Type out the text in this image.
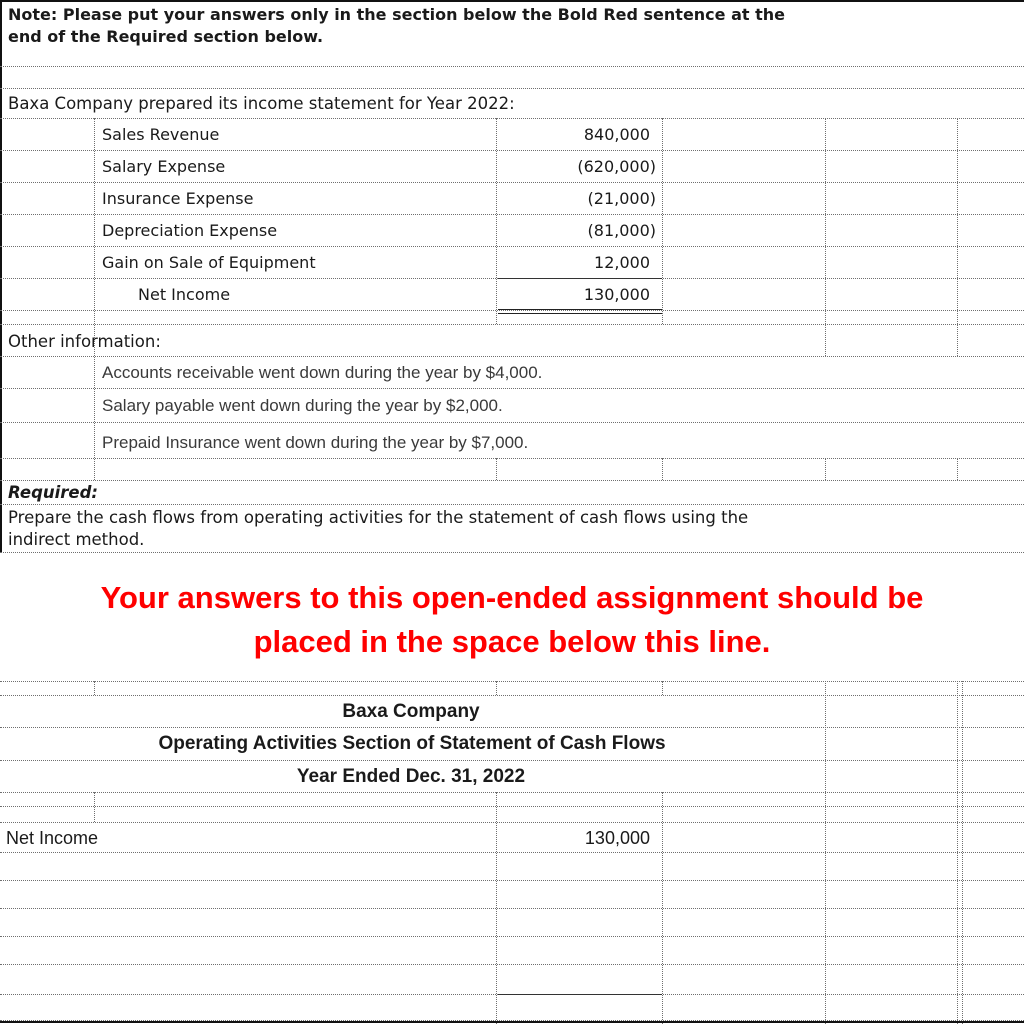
Note: Please put your answers only in the section below the Bold Red sentence at the
end of the Required section below.
Baxa Company prepared its income statement for Year 2022:
Sales Revenue	840,000
Salary Expense	(620,000)
Insurance Expense	(21,000)
Depreciation Expense	(81,000)
Gain on Sale of Equipment	12,000
Net Income	130,000
Other information:
Accounts receivable went down during the year by $4,000.
Salary payable went down during the year by $2,000.
Prepaid Insurance went down during the year by $7,000.
Required:
Prepare the cash flows from operating activities for the statement of cash flows using the
indirect method.
Your answers to this open-ended assignment should be
placed in the space below this line.
Baxa Company
Operating Activities Section of Statement of Cash Flows
Year Ended Dec. 31, 2022
Net Income	130,000
